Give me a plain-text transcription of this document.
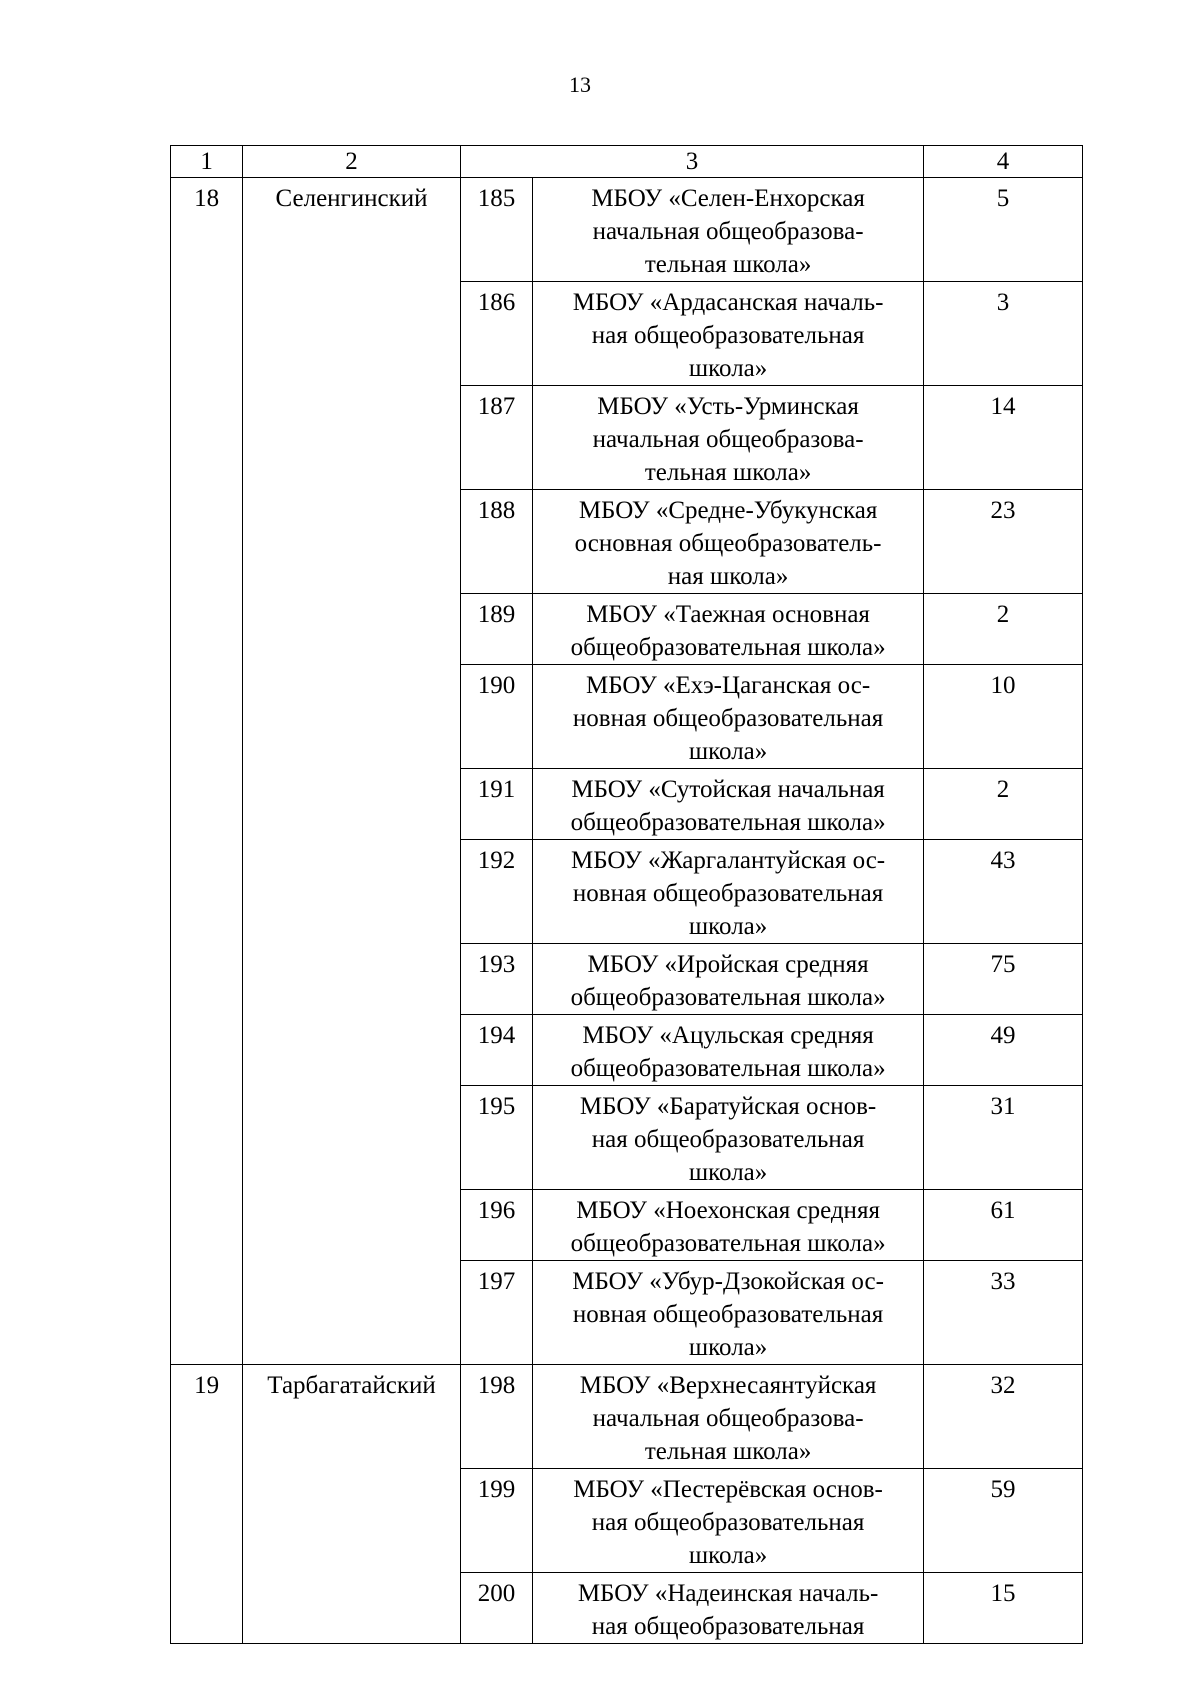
13
1	2	3		4
18	Селенгинский	185	МБОУ «Селен-Енхорская
начальная общеобразова-
тельная школа»	5
		186	МБОУ «Ардасанская началь-
ная общеобразовательная
школа»	3
		187	МБОУ «Усть-Урминская
начальная общеобразова-
тельная школа»	14
		188	МБОУ «Средне-Убукунская
основная общеобразователь-
ная школа»	23
		189	МБОУ «Таежная основная
общеобразовательная школа»	2
		190	МБОУ «Ехэ-Цаганская ос-
новная общеобразовательная
школа»	10
		191	МБОУ «Сутойская начальная
общеобразовательная школа»	2
		192	МБОУ «Жаргалантуйская ос-
новная общеобразовательная
школа»	43
		193	МБОУ «Иройская средняя
общеобразовательная школа»	75
		194	МБОУ «Ацульская средняя
общеобразовательная школа»	49
		195	МБОУ «Баратуйская основ-
ная общеобразовательная
школа»	31
		196	МБОУ «Ноехонская средняя
общеобразовательная школа»	61
		197	МБОУ «Убур-Дзокойская ос-
новная общеобразовательная
школа»	33
19	Тарбагатайский	198	МБОУ «Верхнесаянтуйская
начальная общеобразова-
тельная школа»	32
		199	МБОУ «Пестерёвская основ-
ная общеобразовательная
школа»	59
		200	МБОУ «Надеинская началь-
ная общеобразовательная	15
